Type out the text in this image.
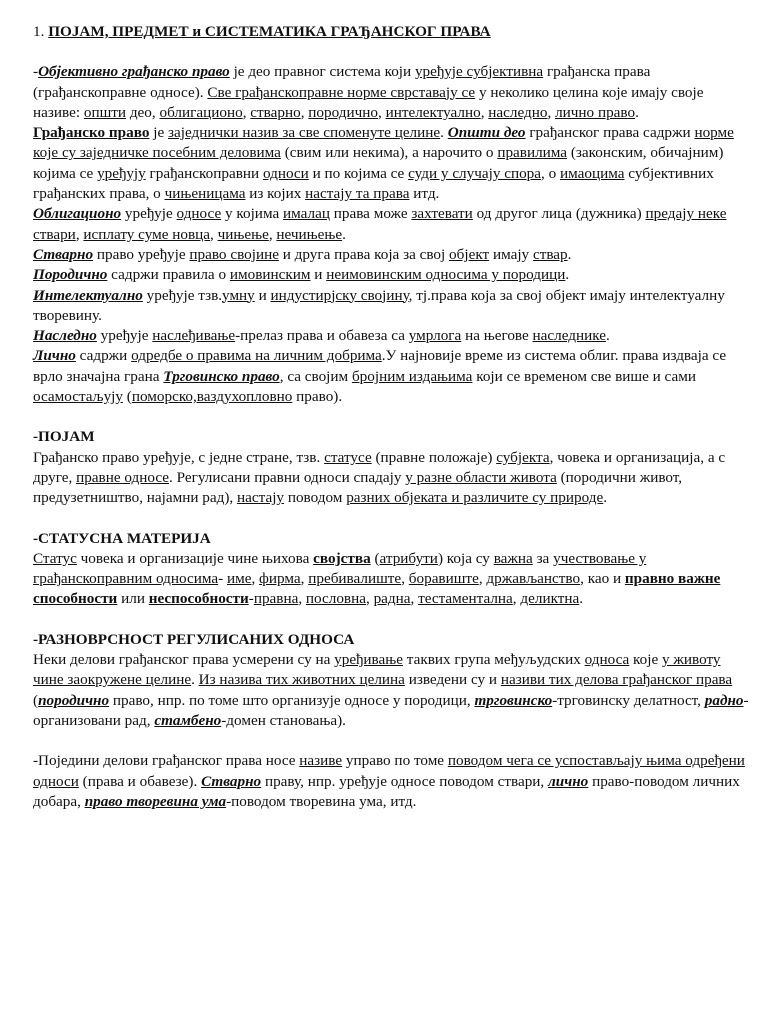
1. ПОЈАМ, ПРЕДМЕТ и СИСТЕМАТИКА ГРАЂАНСКОГ ПРАВА

-Објективно грађанско право је део правног система који уређује субјективна грађанска права (грађанскоправне односе). Све грађанскоправне норме сврставају се у неколико целина које имају своје називе: општи део, облигационо, стварно, породично, интелектуално, наследно, лично право.

Грађанско право је заједнички назив за све споменуте целине. Општи део грађанског права садржи норме које су заједничке посебним деловима (свим или некима), а нарочито о правилима (законским, обичајним) којима се уређују грађанскоправни односи и по којима се суди у случају спора, о имаоцима субјективних грађанских права, о чињеницама из којих настају та права итд.

Облигационо уређује односе у којима ималац права може захтевати од другог лица (дужника) предају неке ствари, исплату суме новца, чињење, нечињење.

Стварно право уређује право својине и друга права која за свој објект имају ствар.

Породично садржи правила о имовинским и неимовинским односима у породици.

Интелектуално уређује тзв.умну и индустирјску својину, тј.права која за свој објект имају интелектуалну творевину.

Наследно уређује наслеђивање-прелаз права и обавеза са умрлога на његове наследнике.

Лично садржи одредбе о правима на личним добрима.У најновије време из система облиг. права издваја се врло значајна грана Трговинско право, са својим бројним издањима који се временом све више и сами осамостаљују (поморско,ваздухопловно право).

-ПОЈАМ

Грађанско право уређује, с једне стране, тзв. статусе (правне положаје) субјекта, човека и организација, а с друге, правне односе. Регулисани правни односи спадају у разне области живота (породични живот, предузетништво, најамни рад), настају поводом разних објеката и различите су природе.

-СТАТУСНА МАТЕРИЈА

Статус човека и организације чине њихова својства (атрибути) која су важна за учествовање у грађанскоправним односима- име, фирма, пребивалиште, боравиште, држављанство, као и правно важне способности или неспособности-правна, пословна, радна, тестаментална, деликтна.

-РАЗНОВРСНОСТ РЕГУЛИСАНИХ ОДНОСА

Неки делови грађанског права усмерени су на уређивање таквих група међуљудских односа које у животу чине заокружене целине. Из назива тих животних целина изведени су и називи тих делова грађанског права (породично право, нпр. по томе што организује односе у породици, трговинско-трговинску делатност, радно-организовани рад, стамбено-домен становања).

-Поједини делови грађанског права носе називе управо по томе поводом чега се успостављају њима одређени односи (права и обавезе). Стварно праву, нпр. уређује односе поводом ствари, лично право-поводом личних добара, право творевина ума-поводом творевина ума, итд.
